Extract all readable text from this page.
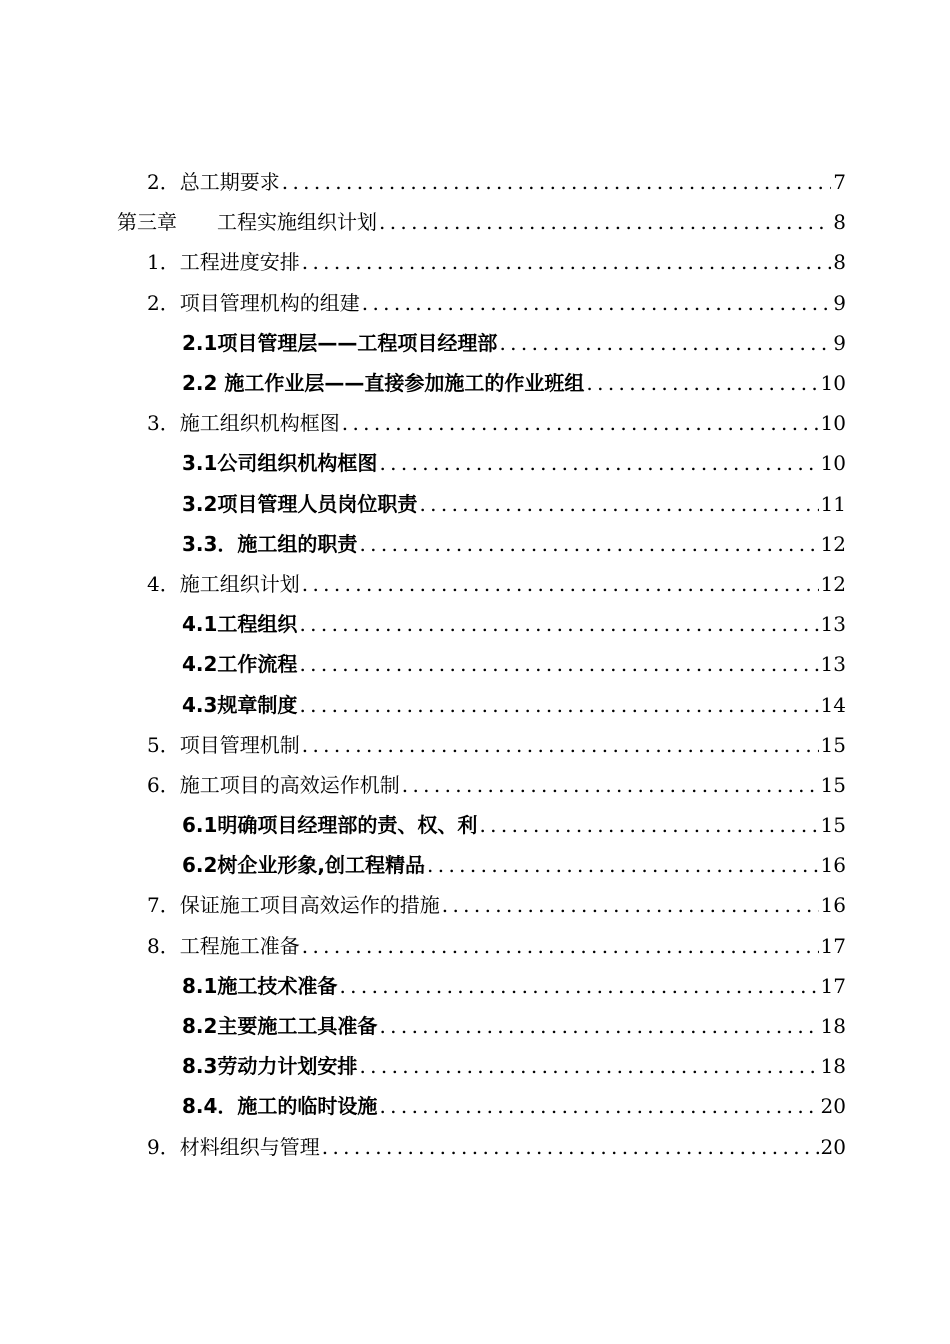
2．总工期要求 . . .	7
第三章　　工程实施组织计划 . . .	8
1．工程进度安排 . . .	8
2．项目管理机构的组建 . . .	9
2.1项目管理层——工程项目经理部 . . .	9
2.2 施工作业层——直接参加施工的作业班组 . . .	10
3．施工组织机构框图 . . .	10
3.1公司组织机构框图 . . .	10
3.2项目管理人员岗位职责 . . .	11
3.3．施工组的职责 . . .	12
4．施工组织计划 . . .	12
4.1工程组织 . . .	13
4.2工作流程 . . .	13
4.3规章制度 . . .	14
5．项目管理机制 . . .	15
6．施工项目的高效运作机制 . . .	15
6.1明确项目经理部的责、权、利 . . .	15
6.2树企业形象,创工程精品 . . .	16
7．保证施工项目高效运作的措施 . . .	16
8．工程施工准备 . . .	17
8.1施工技术准备 . . .	17
8.2主要施工工具准备 . . .	18
8.3劳动力计划安排 . . .	18
8.4．施工的临时设施 . . .	20
9．材料组织与管理 . . .	20
